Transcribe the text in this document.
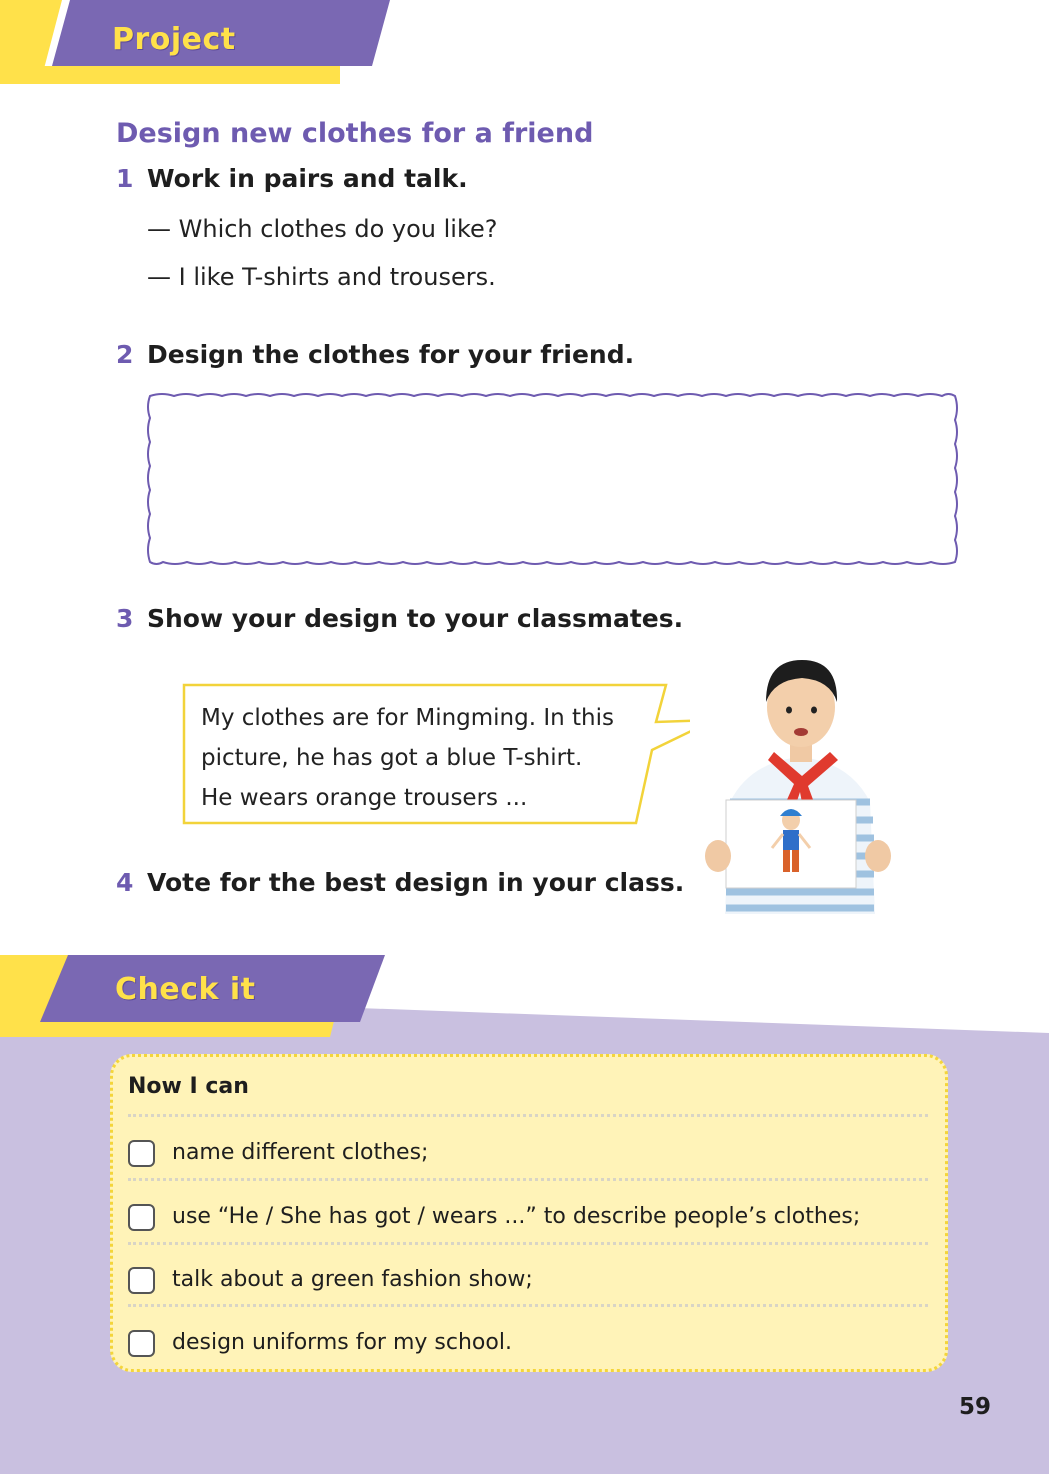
Project
Design new clothes for a friend
1 Work in pairs and talk.
— Which clothes do you like?
— I like T-shirts and trousers.
2 Design the clothes for your friend.
3 Show your design to your classmates.
My clothes are for Mingming. In this
picture, he has got a blue T-shirt.
He wears orange trousers ...
4 Vote for the best design in your class.
Check it
Now I can
name different clothes;
use “He / She has got / wears ...” to describe people’s clothes;
talk about a green fashion show;
design uniforms for my school.
59
